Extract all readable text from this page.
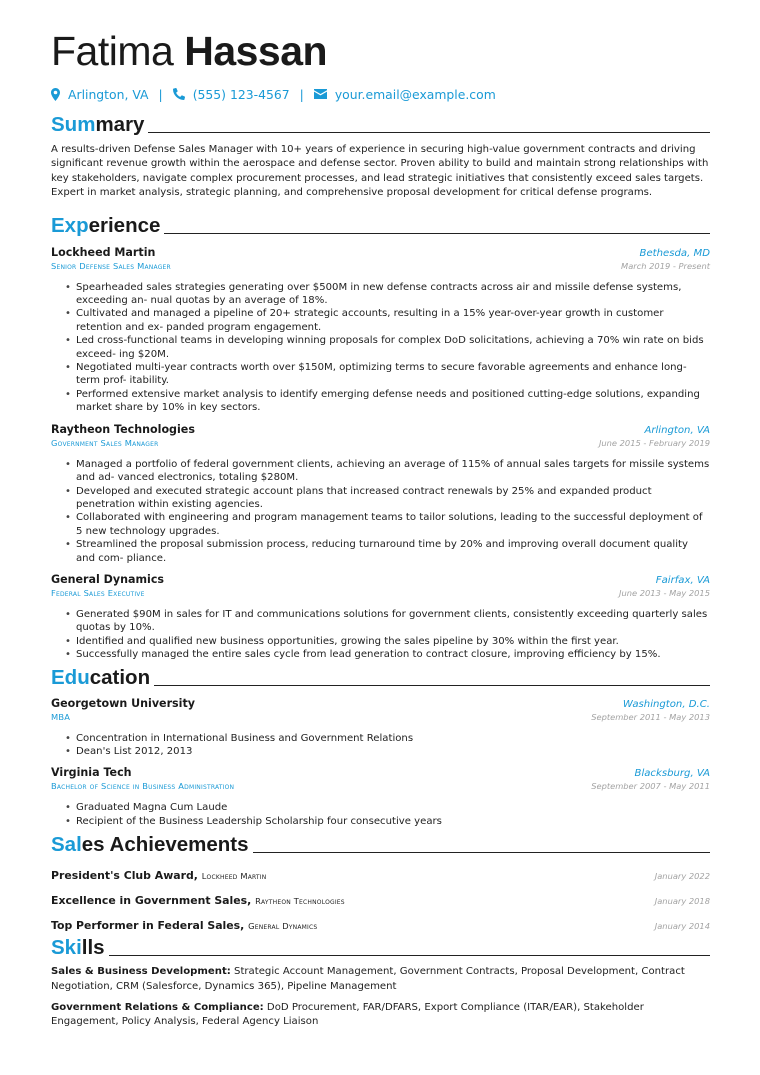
Fatima Hassan
Arlington, VA | (555) 123-4567 |	your.email@example.com
Summary

A results-driven Defense Sales Manager with 10+ years of experience in securing high-value government contracts and driving significant revenue growth within the aerospace and defense sector. Proven ability to build and maintain strong relationships with key stakeholders, navigate complex procurement processes, and lead strategic initiatives that consistently exceed sales targets. Expert in market analysis, strategic planning, and comprehensive proposal development for critical defense programs.

Experience
Lockheed Martin	Bethesda, MD
Senior Defense Sales Manager	March 2019 - Present
• Spearheaded sales strategies generating over $500M in new defense contracts across air and missile defense systems, exceeding an- nual quotas by an average of 18%.
• Cultivated and managed a pipeline of 20+ strategic accounts, resulting in a 15% year-over-year growth in customer retention and ex- panded program engagement.
• Led cross-functional teams in developing winning proposals for complex DoD solicitations, achieving a 70% win rate on bids exceed- ing $20M.
• Negotiated multi-year contracts worth over $150M, optimizing terms to secure favorable agreements and enhance long-term prof- itability.
• Performed extensive market analysis to identify emerging defense needs and positioned cutting-edge solutions, expanding market share by 10% in key sectors.
Raytheon Technologies	Arlington, VA
Government Sales Manager	June 2015 - February 2019
• Managed a portfolio of federal government clients, achieving an average of 115% of annual sales targets for missile systems and ad- vanced electronics, totaling $280M.
• Developed and executed strategic account plans that increased contract renewals by 25% and expanded product penetration within existing agencies.
• Collaborated with engineering and program management teams to tailor solutions, leading to the successful deployment of 5 new technology upgrades.
• Streamlined the proposal submission process, reducing turnaround time by 20% and improving overall document quality and com- pliance.
General Dynamics	Fairfax, VA
Federal Sales Executive	June 2013 - May 2015
• Generated $90M in sales for IT and communications solutions for government clients, consistently exceeding quarterly sales quotas by 10%.
• Identified and qualified new business opportunities, growing the sales pipeline by 30% within the first year.
• Successfully managed the entire sales cycle from lead generation to contract closure, improving efficiency by 15%.
Education
Georgetown University	Washington, D.C.
MBA	September 2011 - May 2013
• Concentration in International Business and Government Relations
• Dean's List 2012, 2013
Virginia Tech	Blacksburg, VA
Bachelor of Science in Business Administration	September 2007 - May 2011
• Graduated Magna Cum Laude
• Recipient of the Business Leadership Scholarship four consecutive years
Sales Achievements
President's Club Award, Lockheed Martin	January 2022
Excellence in Government Sales, Raytheon Technologies	January 2018
Top Performer in Federal Sales, General Dynamics	January 2014
Skills

Sales & Business Development: Strategic Account Management, Government Contracts, Proposal Development, Contract Negotiation, CRM (Salesforce, Dynamics 365), Pipeline Management

Government Relations & Compliance: DoD Procurement, FAR/DFARS, Export Compliance (ITAR/EAR), Stakeholder Engagement, Policy Analysis, Federal Agency Liaison
